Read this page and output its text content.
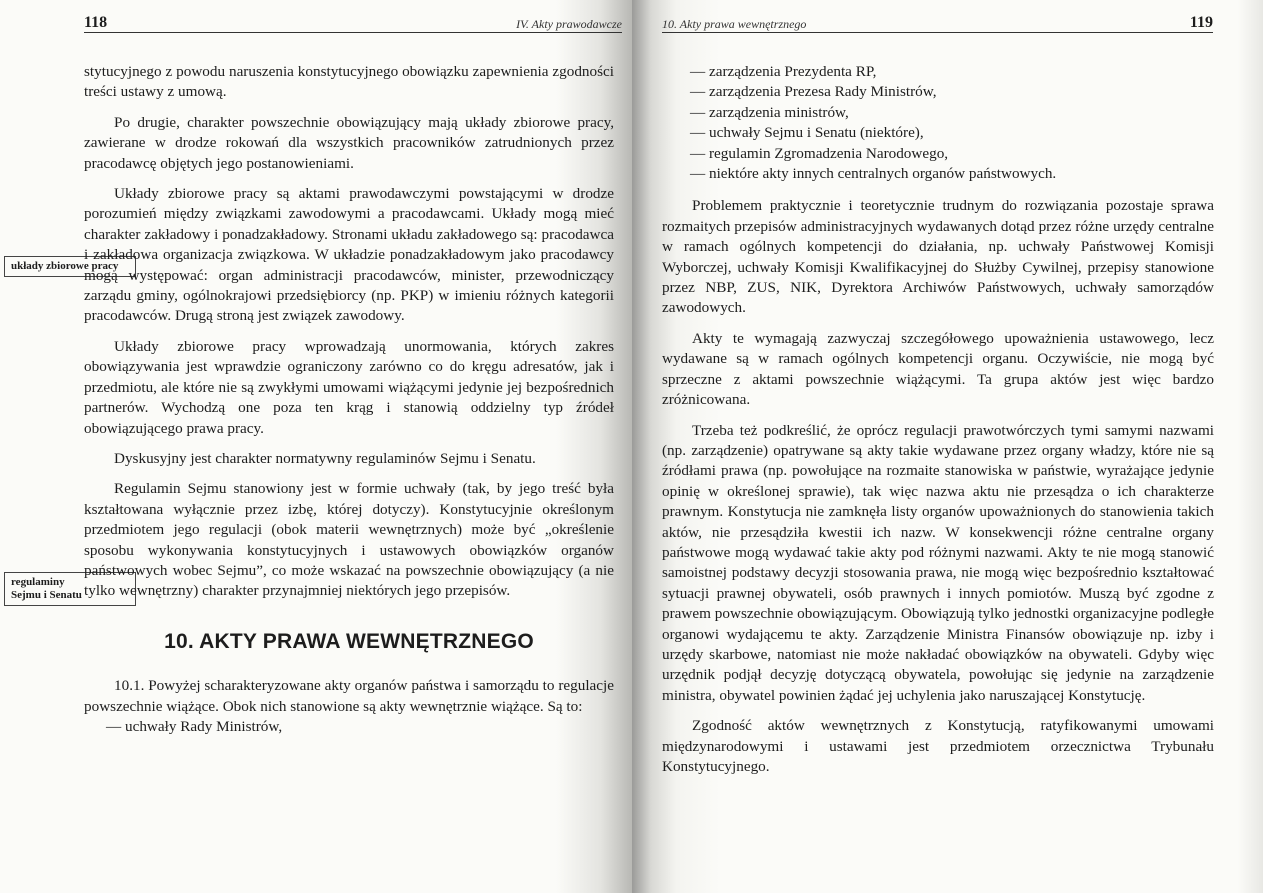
118	IV. Akty prawodawcze
układy zbiorowe pracy
regulaminy
Sejmu i Senatu

stytucyjnego z powodu naruszenia konstytucyjnego obowiązku zapewnienia zgodności treści ustawy z umową.

Po drugie, charakter powszechnie obowiązujący mają układy zbiorowe pracy, zawierane w drodze rokowań dla wszystkich pracowników zatrudnionych przez pracodawcę objętych jego postanowieniami.

Układy zbiorowe pracy są aktami prawodawczymi powstającymi w drodze porozumień między związkami zawodowymi a pracodawcami. Układy mogą mieć charakter zakładowy i ponadzakładowy. Stronami układu zakładowego są: pracodawca i zakładowa organizacja związkowa. W układzie ponadzakładowym jako pracodawcy mogą występować: organ administracji pracodawców, minister, przewodniczący zarządu gminy, ogólnokrajowi przedsiębiorcy (np. PKP) w imieniu różnych kategorii pracodawców. Drugą stroną jest związek zawodowy.

Układy zbiorowe pracy wprowadzają unormowania, których zakres obowiązywania jest wprawdzie ograniczony zarówno co do kręgu adresatów, jak i przedmiotu, ale które nie są zwykłymi umowami wiążącymi jedynie jej bezpośrednich partnerów. Wychodzą one poza ten krąg i stanowią oddzielny typ źródeł obowiązującego prawa pracy.

Dyskusyjny jest charakter normatywny regulaminów Sejmu i Senatu.

Regulamin Sejmu stanowiony jest w formie uchwały (tak, by jego treść była kształtowana wyłącznie przez izbę, której dotyczy). Konstytucyjnie określonym przedmiotem jego regulacji (obok materii wewnętrznych) może być „określenie sposobu wykonywania konstytucyjnych i ustawowych obowiązków organów państwowych wobec Sejmu”, co może wskazać na powszechnie obowiązujący (a nie tylko wewnętrzny) charakter przynajmniej niektórych jego przepisów.

10. AKTY PRAWA WEWNĘTRZNEGO

10.1. Powyżej scharakteryzowane akty organów państwa i samorządu to regulacje powszechnie wiążące. Obok nich stanowione są akty wewnętrznie wiążące. Są to:

— uchwały Rady Ministrów,
10. Akty prawa wewnętrznego	119
— zarządzenia Prezydenta RP,
— zarządzenia Prezesa Rady Ministrów,
— zarządzenia ministrów,
— uchwały Sejmu i Senatu (niektóre),
— regulamin Zgromadzenia Narodowego,
— niektóre akty innych centralnych organów państwowych.

Problemem praktycznie i teoretycznie trudnym do rozwiązania pozostaje sprawa rozmaitych przepisów administracyjnych wydawanych dotąd przez różne urzędy centralne w ramach ogólnych kompetencji do działania, np. uchwały Państwowej Komisji Wyborczej, uchwały Komisji Kwalifikacyjnej do Służby Cywilnej, przepisy stanowione przez NBP, ZUS, NIK, Dyrektora Archiwów Państwowych, uchwały samorządów zawodowych.

Akty te wymagają zazwyczaj szczegółowego upoważnienia ustawowego, lecz wydawane są w ramach ogólnych kompetencji organu. Oczywiście, nie mogą być sprzeczne z aktami powszechnie wiążącymi. Ta grupa aktów jest więc bardzo zróżnicowana.

Trzeba też podkreślić, że oprócz regulacji prawotwórczych tymi samymi nazwami (np. zarządzenie) opatrywane są akty takie wydawane przez organy władzy, które nie są źródłami prawa (np. powołujące na rozmaite stanowiska w państwie, wyrażające jedynie opinię w określonej sprawie), tak więc nazwa aktu nie przesądza o ich charakterze prawnym. Konstytucja nie zamknęła listy organów upoważnionych do stanowienia takich aktów, nie przesądziła kwestii ich nazw. W konsekwencji różne centralne organy państwowe mogą wydawać takie akty pod różnymi nazwami. Akty te nie mogą stanowić samoistnej podstawy decyzji stosowania prawa, nie mogą więc bezpośrednio kształtować sytuacji prawnej obywateli, osób prawnych i innych pomiotów. Muszą być zgodne z prawem powszechnie obowiązującym. Obowiązują tylko jednostki organizacyjne podległe organowi wydającemu te akty. Zarządzenie Ministra Finansów obowiązuje np. izby i urzędy skarbowe, natomiast nie może nakładać obowiązków na obywateli. Gdyby więc urzędnik podjął decyzję dotyczącą obywatela, powołując się jedynie na zarządzenie ministra, obywatel powinien żądać jej uchylenia jako naruszającej Konstytucję.

Zgodność aktów wewnętrznych z Konstytucją, ratyfikowanymi umowami międzynarodowymi i ustawami jest przedmiotem orzecznictwa Trybunału Konstytucyjnego.
